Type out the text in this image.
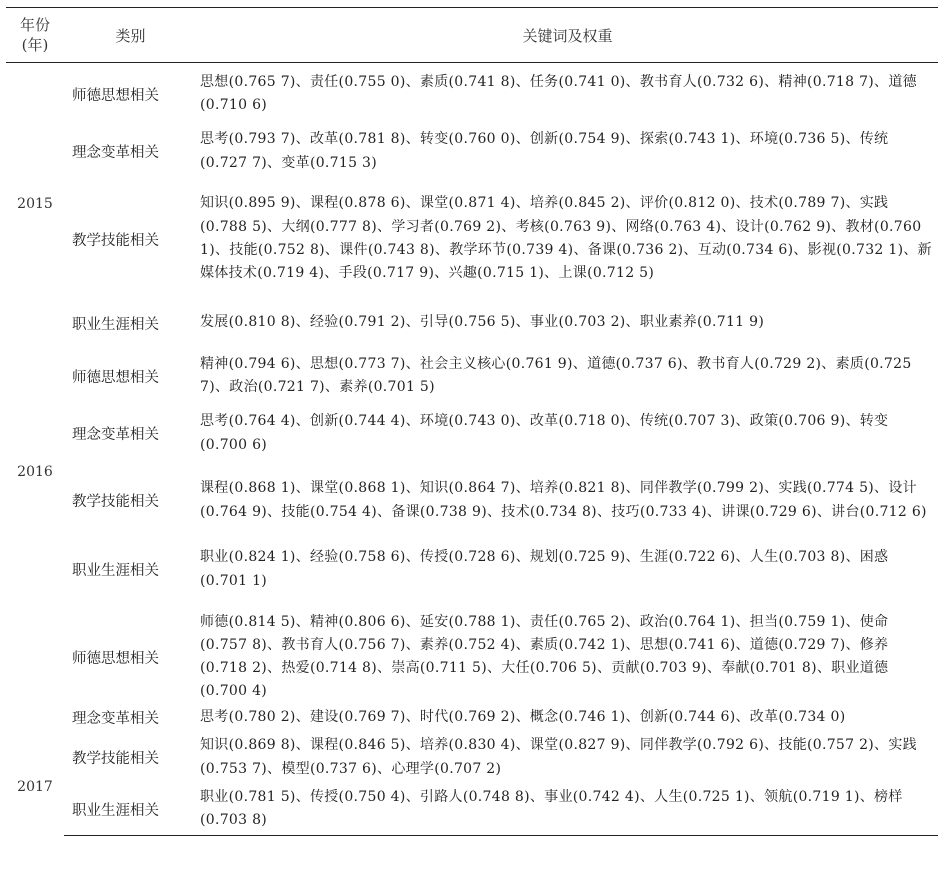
年份
(年)	类别	关键词及权重
2015	师德思想相关	思想(0.765 7)、责任(0.755 0)、素质(0.741 8)、任务(0.741 0)、教书育人(0.732 6)、精神(0.718 7)、道德(0.710 6)
	理念变革相关	思考(0.793 7)、改革(0.781 8)、转变(0.760 0)、创新(0.754 9)、探索(0.743 1)、环境(0.736 5)、传统(0.727 7)、变革(0.715 3)
	教学技能相关	知识(0.895 9)、课程(0.878 6)、课堂(0.871 4)、培养(0.845 2)、评价(0.812 0)、技术(0.789 7)、实践(0.788 5)、大纲(0.777 8)、学习者(0.769 2)、考核(0.763 9)、网络(0.763 4)、设计(0.762 9)、教材(0.760 1)、技能(0.752 8)、课件(0.743 8)、教学环节(0.739 4)、备课(0.736 2)、互动(0.734 6)、影视(0.732 1)、新媒体技术(0.719 4)、手段(0.717 9)、兴趣(0.715 1)、上课(0.712 5)
	职业生涯相关	发展(0.810 8)、经验(0.791 2)、引导(0.756 5)、事业(0.703 2)、职业素养(0.711 9)
2016	师德思想相关	精神(0.794 6)、思想(0.773 7)、社会主义核心(0.761 9)、道德(0.737 6)、教书育人(0.729 2)、素质(0.725 7)、政治(0.721 7)、素养(0.701 5)
	理念变革相关	思考(0.764 4)、创新(0.744 4)、环境(0.743 0)、改革(0.718 0)、传统(0.707 3)、政策(0.706 9)、转变(0.700 6)
	教学技能相关	课程(0.868 1)、课堂(0.868 1)、知识(0.864 7)、培养(0.821 8)、同伴教学(0.799 2)、实践(0.774 5)、设计(0.764 9)、技能(0.754 4)、备课(0.738 9)、技术(0.734 8)、技巧(0.733 4)、讲课(0.729 6)、讲台(0.712 6)
	职业生涯相关	职业(0.824 1)、经验(0.758 6)、传授(0.728 6)、规划(0.725 9)、生涯(0.722 6)、人生(0.703 8)、困惑(0.701 1)
2017	师德思想相关	师德(0.814 5)、精神(0.806 6)、延安(0.788 1)、责任(0.765 2)、政治(0.764 1)、担当(0.759 1)、使命(0.757 8)、教书育人(0.756 7)、素养(0.752 4)、素质(0.742 1)、思想(0.741 6)、道德(0.729 7)、修养(0.718 2)、热爱(0.714 8)、崇高(0.711 5)、大任(0.706 5)、贡献(0.703 9)、奉献(0.701 8)、职业道德(0.700 4)
	理念变革相关	思考(0.780 2)、建设(0.769 7)、时代(0.769 2)、概念(0.746 1)、创新(0.744 6)、改革(0.734 0)
	教学技能相关	知识(0.869 8)、课程(0.846 5)、培养(0.830 4)、课堂(0.827 9)、同伴教学(0.792 6)、技能(0.757 2)、实践(0.753 7)、模型(0.737 6)、心理学(0.707 2)
	职业生涯相关	职业(0.781 5)、传授(0.750 4)、引路人(0.748 8)、事业(0.742 4)、人生(0.725 1)、领航(0.719 1)、榜样(0.703 8)
